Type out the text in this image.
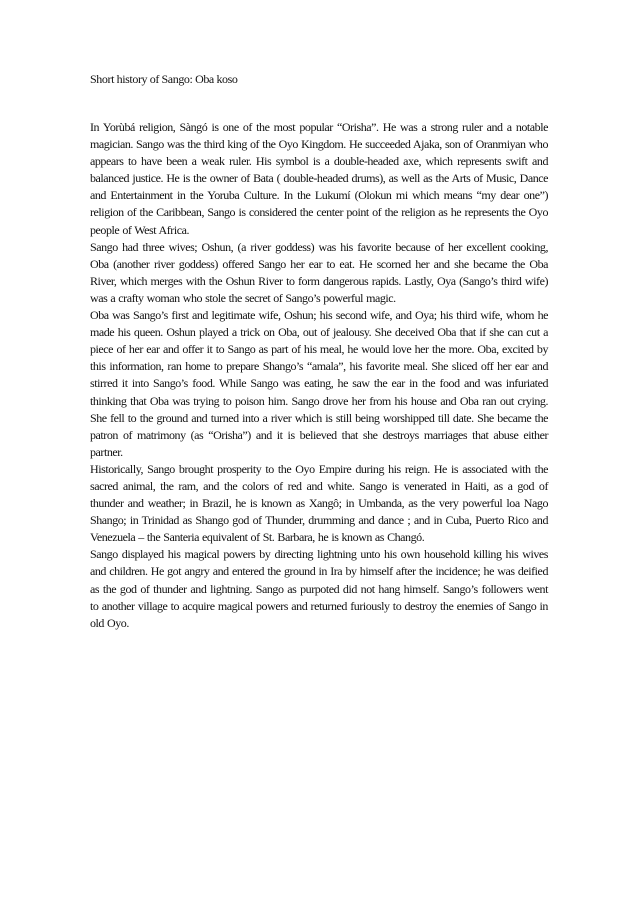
Short history of Sango: Oba koso

In Yorùbá religion, Sàngó is one of the most popular “Orisha”. He was a strong ruler and a notable magician. Sango was the third king of the Oyo Kingdom. He succeeded Ajaka, son of Oranmiyan who appears to have been a weak ruler. His symbol is a double-headed axe, which represents swift and balanced justice. He is the owner of Bata ( double-headed drums), as well as the Arts of Music, Dance and Entertainment in the Yoruba Culture. In the Lukumí (Olokun mi which means “my dear one”) religion of the Caribbean, Sango is considered the center point of the religion as he represents the Oyo people of West Africa.

Sango had three wives; Oshun, (a river goddess) was his favorite because of her excellent cooking, Oba (another river goddess) offered Sango her ear to eat. He scorned her and she became the Oba River, which merges with the Oshun River to form dangerous rapids. Lastly, Oya (Sango’s third wife) was a crafty woman who stole the secret of Sango’s powerful magic.

Oba was Sango’s first and legitimate wife, Oshun; his second wife, and Oya; his third wife, whom he made his queen. Oshun played a trick on Oba, out of jealousy. She deceived Oba that if she can cut a piece of her ear and offer it to Sango as part of his meal, he would love her the more. Oba, excited by this information, ran home to prepare Shango’s “amala”, his favorite meal. She sliced off her ear and stirred it into Sango’s food. While Sango was eating, he saw the ear in the food and was infuriated thinking that Oba was trying to poison him. Sango drove her from his house and Oba ran out crying. She fell to the ground and turned into a river which is still being worshipped till date. She became the patron of matrimony (as “Orisha”) and it is believed that she destroys marriages that abuse either partner.

Historically, Sango brought prosperity to the Oyo Empire during his reign. He is associated with the sacred animal, the ram, and the colors of red and white. Sango is venerated in Haiti, as a god of thunder and weather; in Brazil, he is known as Xangô; in Umbanda, as the very powerful loa Nago Shango; in Trinidad as Shango god of Thunder, drumming and dance ; and in Cuba, Puerto Rico and Venezuela – the Santeria equivalent of St. Barbara, he is known as Changó.

Sango displayed his magical powers by directing lightning unto his own household killing his wives and children. He got angry and entered the ground in Ira by himself after the incidence; he was deified as the god of thunder and lightning. Sango as purpoted did not hang himself. Sango’s followers went to another village to acquire magical powers and returned furiously to destroy the enemies of Sango in old Oyo.
